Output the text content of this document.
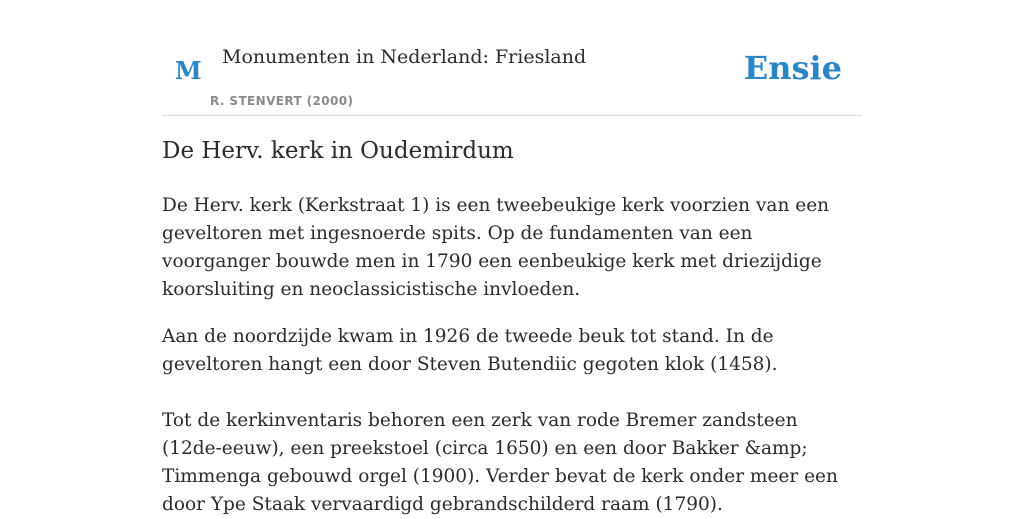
M Monumenten in Nederland: Friesland
R. STENVERT (2000)
Ensie
De Herv. kerk in Oudemirdum

De Herv. kerk (Kerkstraat 1) is een tweebeukige kerk voorzien van een geveltoren met ingesnoerde spits. Op de fundamenten van een voorganger bouwde men in 1790 een eenbeukige kerk met driezijdige koorsluiting en neoclassicistische invloeden.

Aan de noordzijde kwam in 1926 de tweede beuk tot stand. In de geveltoren hangt een door Steven Butendiic gegoten klok (1458).

Tot de kerkinventaris behoren een zerk van rode Bremer zandsteen (12de-eeuw), een preekstoel (circa 1650) en een door Bakker &amp; Timmenga gebouwd orgel (1900). Verder bevat de kerk onder meer een door Ype Staak vervaardigd gebrandschilderd raam (1790).
